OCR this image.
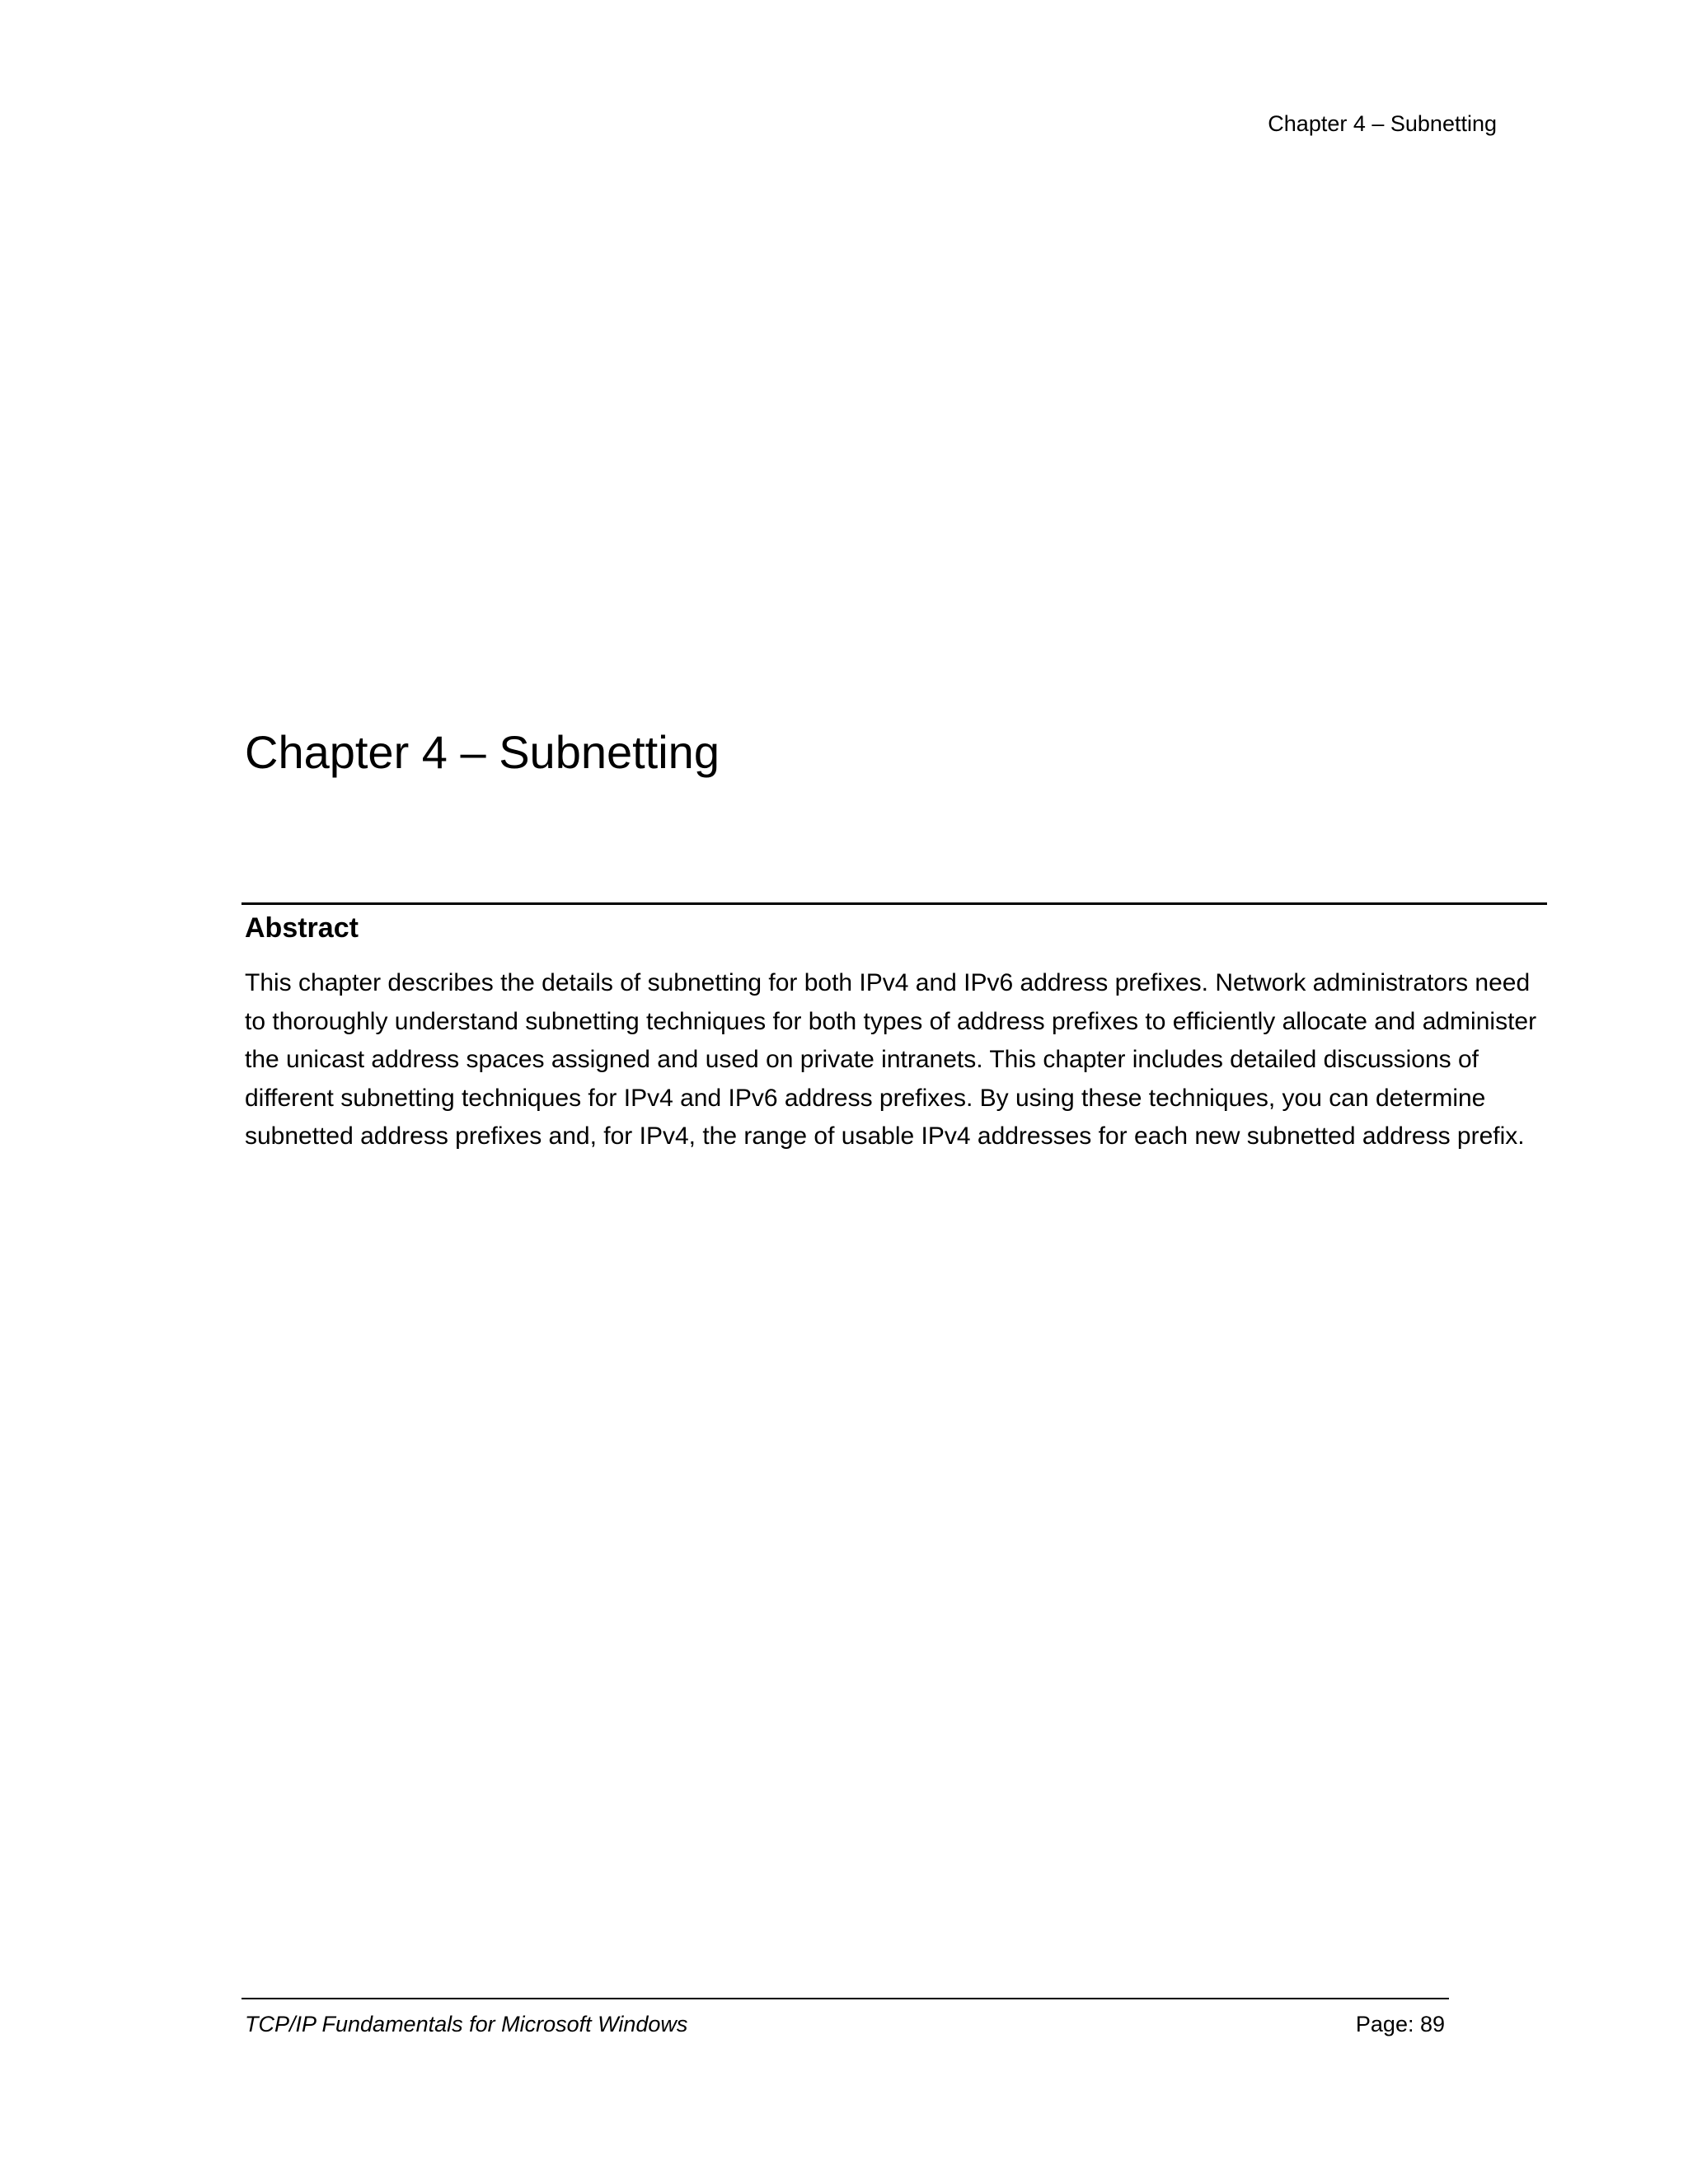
Chapter 4 – Subnetting
Chapter 4 – Subnetting
Abstract

This chapter describes the details of subnetting for both IPv4 and IPv6 address prefixes. Network administrators need to thoroughly understand subnetting techniques for both types of address prefixes to efficiently allocate and administer the unicast address spaces assigned and used on private intranets. This chapter includes detailed discussions of different subnetting techniques for IPv4 and IPv6 address prefixes. By using these techniques, you can determine subnetted address prefixes and, for IPv4, the range of usable IPv4 addresses for each new subnetted address prefix.

TCP/IP Fundamentals for Microsoft Windows	Page: 89
